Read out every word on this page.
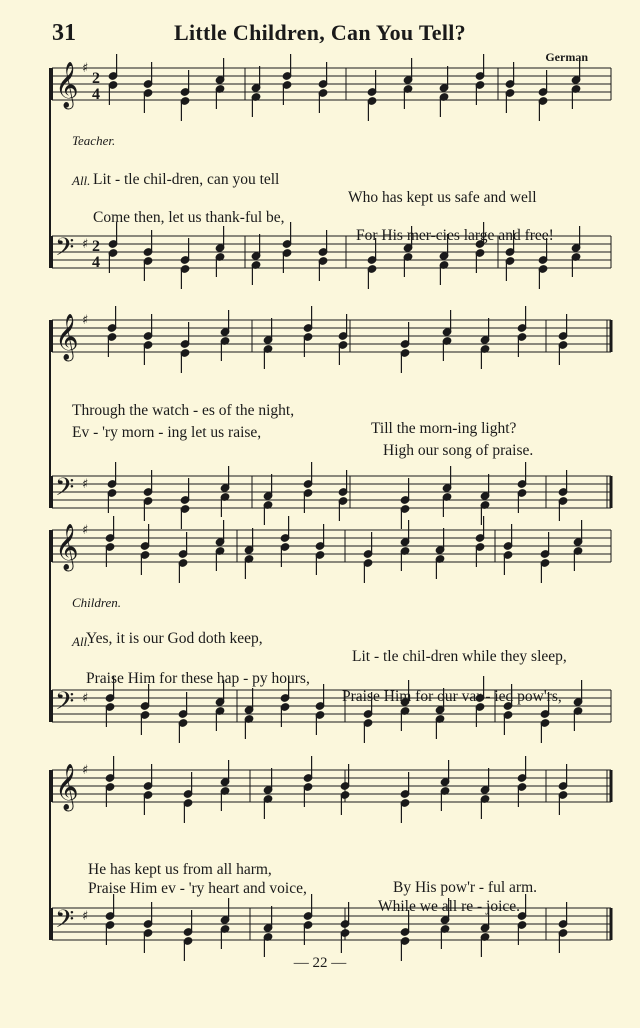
31	Little Children, Can You Tell?
German
𝄞 ♯
2
4
𝄢 ♯ 2
4
𝄞 ♯
𝄢 ♯
𝄞 ♯
𝄢 ♯
𝄞 ♯
𝄢 ♯
Teacher.

Lit - tle chil-dren, can you tell

Who has kept us safe and well

All.

Come then, let us thank-ful be,

For His mer-cies large and free!

Through the watch - es of the night,

Till the morn-ing light?

Ev - 'ry morn - ing let us raise,

High our song of praise.

Children.

Yes, it is our God doth keep,

Lit - tle chil-dren while they sleep,

All.

Praise Him for these hap - py hours,

Praise Him for our var - ied pow'rs,

He has kept us from all harm,

By His pow'r - ful arm.

Praise Him ev - 'ry heart and voice,

While we all re - joice.

— 22 —
